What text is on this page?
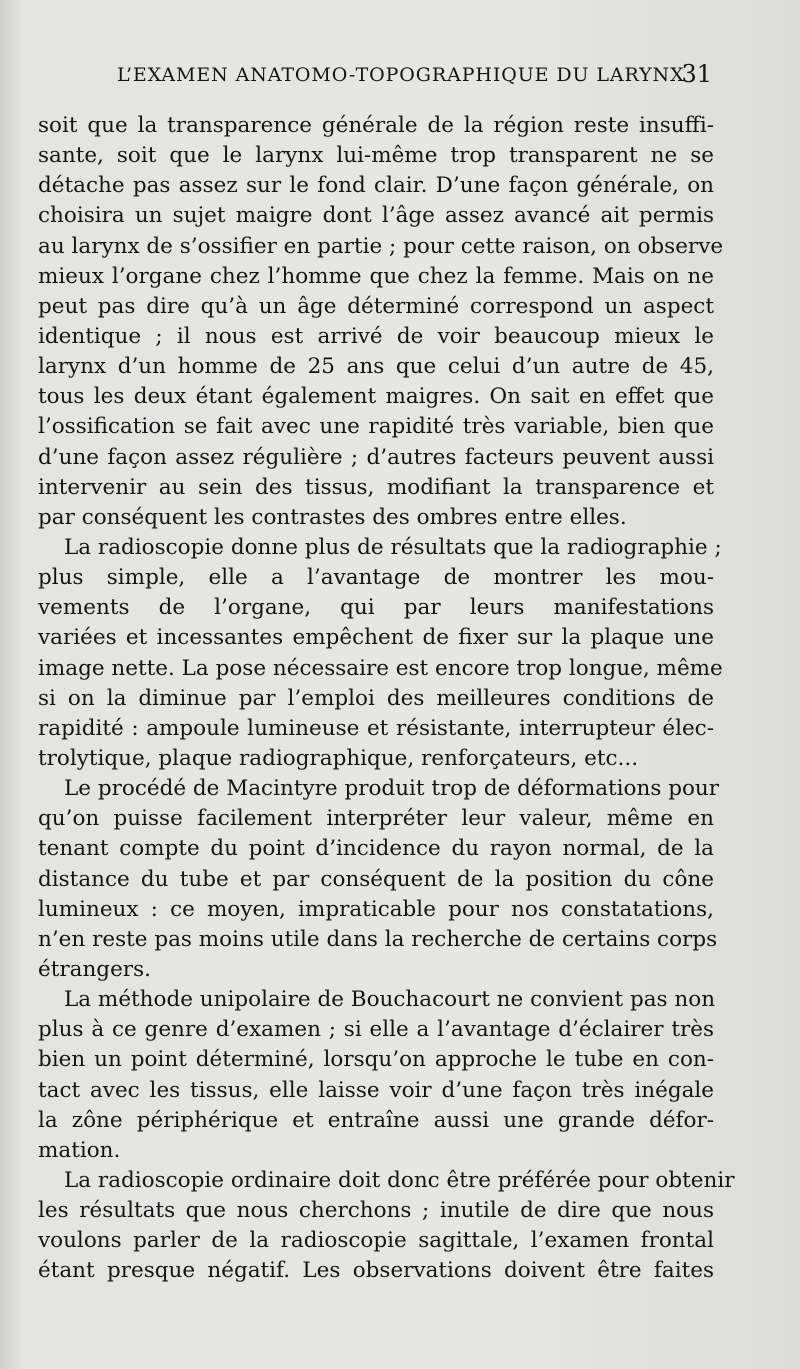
L’EXAMEN ANATOMO-TOPOGRAPHIQUE DU LARYNX
31
soit que la transparence générale de la région reste insuffi-
sante, soit que le larynx lui-même trop transparent ne se
détache pas assez sur le fond clair. D’une façon générale, on
choisira un sujet maigre dont l’âge assez avancé ait permis
au larynx de s’ossifier en partie ; pour cette raison, on observe
mieux l’organe chez l’homme que chez la femme. Mais on ne
peut pas dire qu’à un âge déterminé correspond un aspect
identique ; il nous est arrivé de voir beaucoup mieux le
larynx d’un homme de 25 ans que celui d’un autre de 45,
tous les deux étant également maigres. On sait en effet que
l’ossification se fait avec une rapidité très variable, bien que
d’une façon assez régulière ; d’autres facteurs peuvent aussi
intervenir au sein des tissus, modifiant la transparence et
par conséquent les contrastes des ombres entre elles.
La radioscopie donne plus de résultats que la radiographie ;
plus simple, elle a l’avantage de montrer les mou-
vements de l’organe, qui par leurs manifestations
variées et incessantes empêchent de fixer sur la plaque une
image nette. La pose nécessaire est encore trop longue, même
si on la diminue par l’emploi des meilleures conditions de
rapidité : ampoule lumineuse et résistante, interrupteur élec-
trolytique, plaque radiographique, renforçateurs, etc...
Le procédé de Macintyre produit trop de déformations pour
qu’on puisse facilement interpréter leur valeur, même en
tenant compte du point d’incidence du rayon normal, de la
distance du tube et par conséquent de la position du cône
lumineux : ce moyen, impraticable pour nos constatations,
n’en reste pas moins utile dans la recherche de certains corps
étrangers.
La méthode unipolaire de Bouchacourt ne convient pas non
plus à ce genre d’examen ; si elle a l’avantage d’éclairer très
bien un point déterminé, lorsqu’on approche le tube en con-
tact avec les tissus, elle laisse voir d’une façon très inégale
la zône périphérique et entraîne aussi une grande défor-
mation.
La radioscopie ordinaire doit donc être préférée pour obtenir
les résultats que nous cherchons ; inutile de dire que nous
voulons parler de la radioscopie sagittale, l’examen frontal
étant presque négatif. Les observations doivent être faites
